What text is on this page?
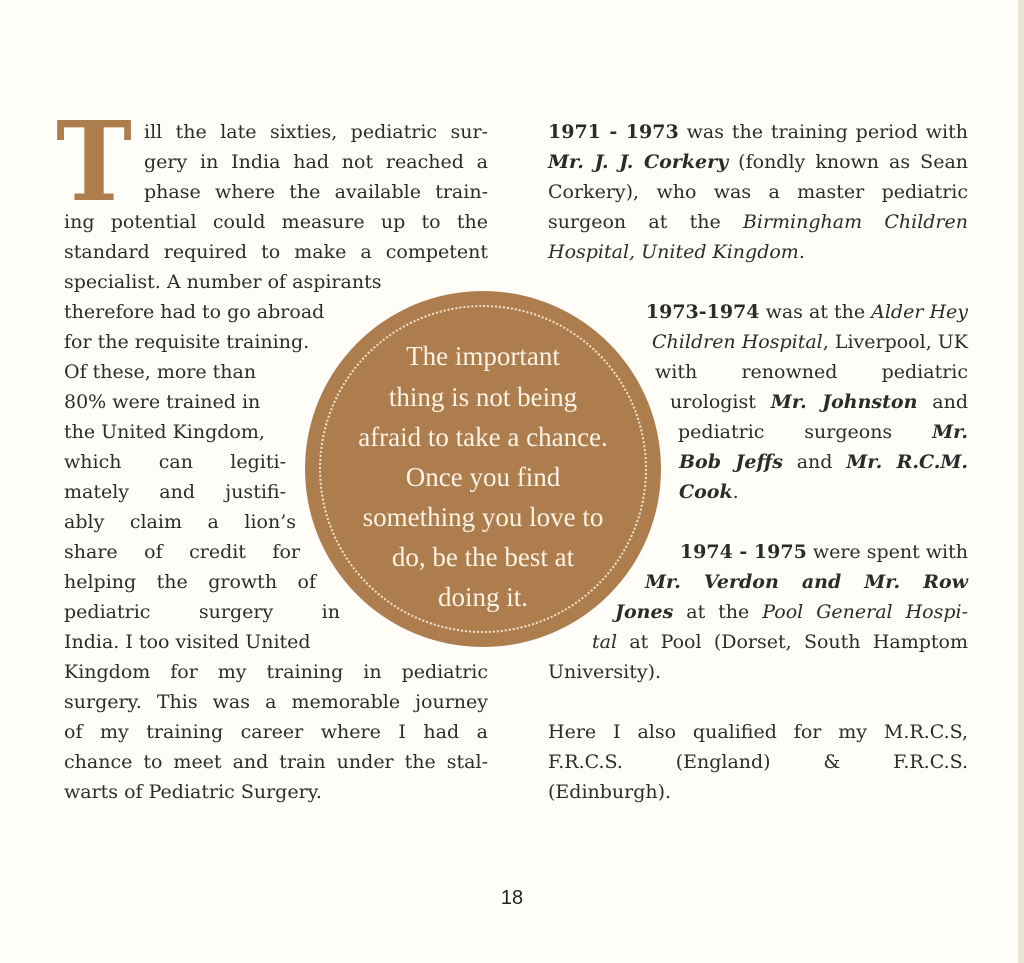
T ill the late sixties, pediatric sur-
gery in India had not reached a
phase where the available train-
ing potential could measure up to the
standard required to make a competent
specialist. A number of aspirants
therefore had to go abroad
for the requisite training.
Of these, more than
80% were trained in
the United Kingdom,
which can legiti-
mately and justifi-
ably claim a lion’s
share of credit for
helping the growth of
pediatric surgery in
India. I too visited United
Kingdom for my training in pediatric
surgery. This was a memorable journey
of my training career where I had a
chance to meet and train under the stal-
warts of Pediatric Surgery.
The important
thing is not being
afraid to take a chance.
Once you find
something you love to
do, be the best at
doing it.
1971 - 1973 was the training period with
Mr. J. J. Corkery (fondly known as Sean
Corkery), who was a master pediatric
surgeon at the Birmingham Children
Hospital, United Kingdom.
1973-1974 was at the Alder Hey
Children Hospital, Liverpool, UK
with renowned pediatric
urologist Mr. Johnston and
pediatric surgeons Mr.
Bob Jeffs and Mr. R.C.M.
Cook.
1974 - 1975 were spent with
Mr. Verdon and Mr. Row
Jones at the Pool General Hospi-
tal at Pool (Dorset, South Hamptom
University).
Here I also qualified for my M.R.C.S,
F.R.C.S. (England) & F.R.C.S.
(Edinburgh).
18
